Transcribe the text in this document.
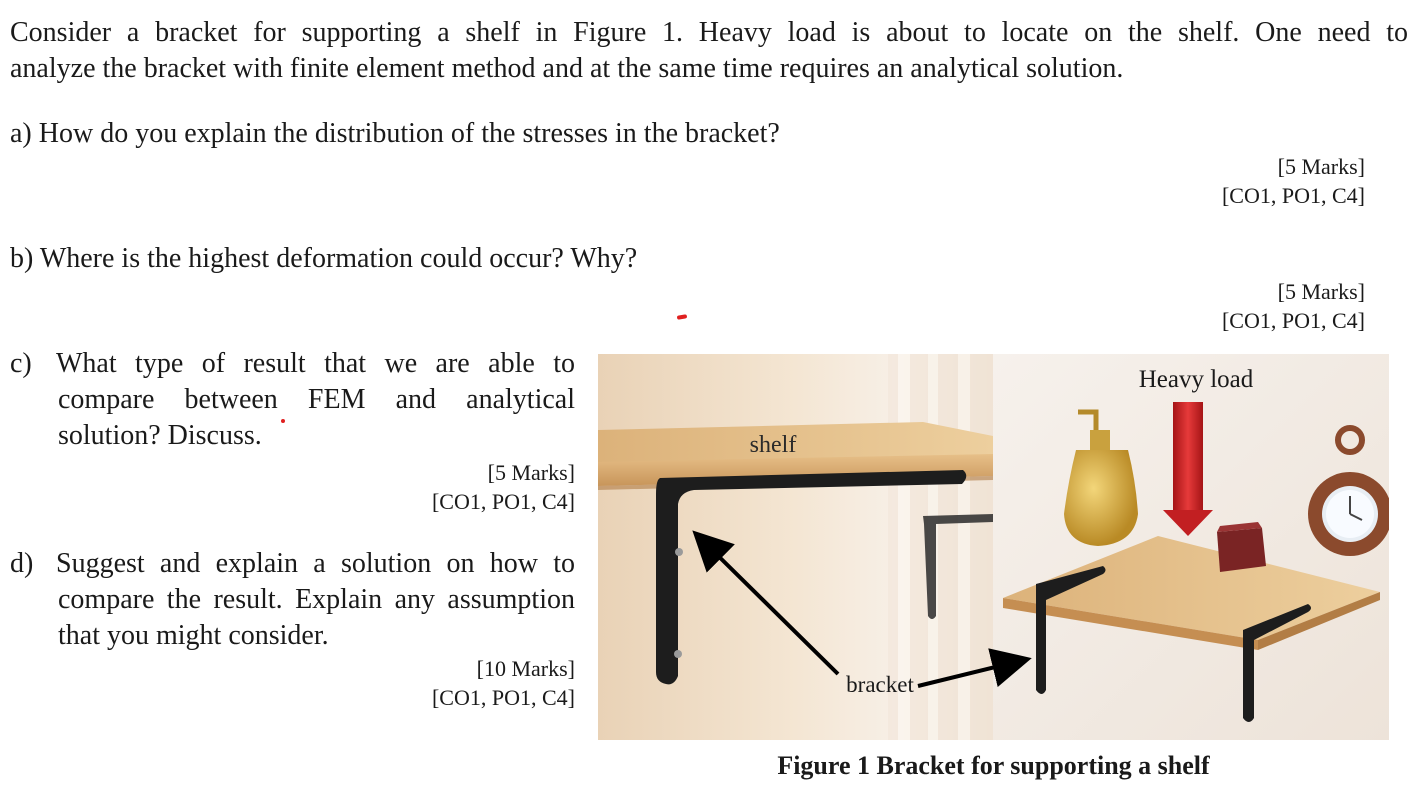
Consider a bracket for supporting a shelf in Figure 1. Heavy load is about to locate on the shelf. One need to

analyze the bracket with finite element method and at the same time requires an analytical solution.

a) How do you explain the distribution of the stresses in the bracket?
[5 Marks]
[CO1, PO1, C4]
b) Where is the highest deformation could occur? Why?
[5 Marks]
[CO1, PO1, C4]
c) What type of result that we are able to
compare between FEM and analytical solution? Discuss.
[5 Marks]
[CO1, PO1, C4]
d) Suggest and explain a solution on how to
compare the result. Explain any assumption that you might consider.
[10 Marks]
[CO1, PO1, C4]
shelf
Heavy load
bracket
Figure 1 Bracket for supporting a shelf
